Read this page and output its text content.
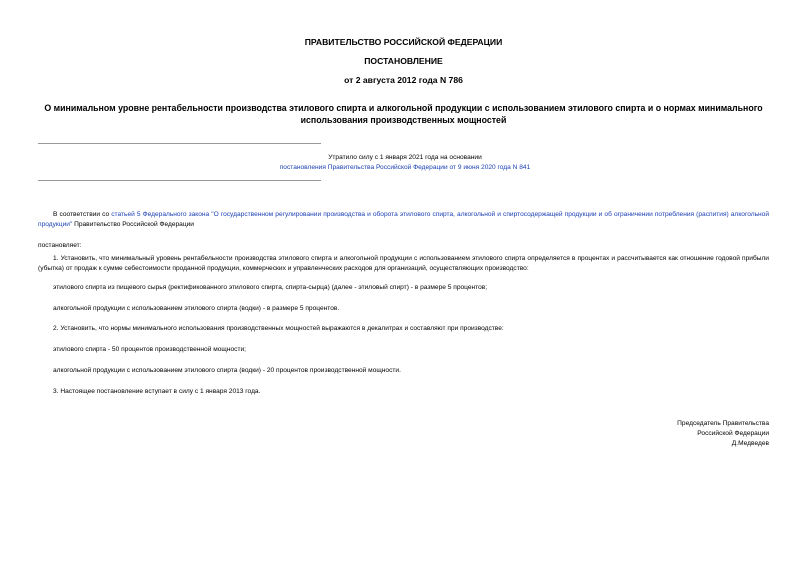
ПРАВИТЕЛЬСТВО РОССИЙСКОЙ ФЕДЕРАЦИИ
ПОСТАНОВЛЕНИЕ
от 2 августа 2012 года N 786
О минимальном уровне рентабельности производства этилового спирта и алкогольной продукции с использованием этилового спирта и о нормах минимального использования производственных мощностей
Утратило силу с 1 января 2021 года на основании
постановления Правительства Российской Федерации от 9 июня 2020 года N 841
В соответствии со статьей 5 Федерального закона "О государственном регулировании производства и оборота этилового спирта, алкогольной и спиртосодержащей продукции и об ограничении потребления (распития) алкогольной продукции" Правительство Российской Федерации
постановляет:
1. Установить, что минимальный уровень рентабельности производства этилового спирта и алкогольной продукции с использованием этилового спирта определяется в процентах и рассчитывается как отношение годовой прибыли (убытка) от продаж к сумме себестоимости проданной продукции, коммерческих и управленческих расходов для организаций, осуществляющих производство:
этилового спирта из пищевого сырья (ректификованного этилового спирта, спирта-сырца) (далее - этиловый спирт) - в размере 5 процентов;
алкогольной продукции с использованием этилового спирта (водки) - в размере 5 процентов.
2. Установить, что нормы минимального использования производственных мощностей выражаются в декалитрах и составляют при производстве:
этилового спирта - 50 процентов производственной мощности;
алкогольной продукции с использованием этилового спирта (водки) - 20 процентов производственной мощности.
3. Настоящее постановление вступает в силу с 1 января 2013 года.
Председатель Правительства
Российской Федерации
Д.Медведев
